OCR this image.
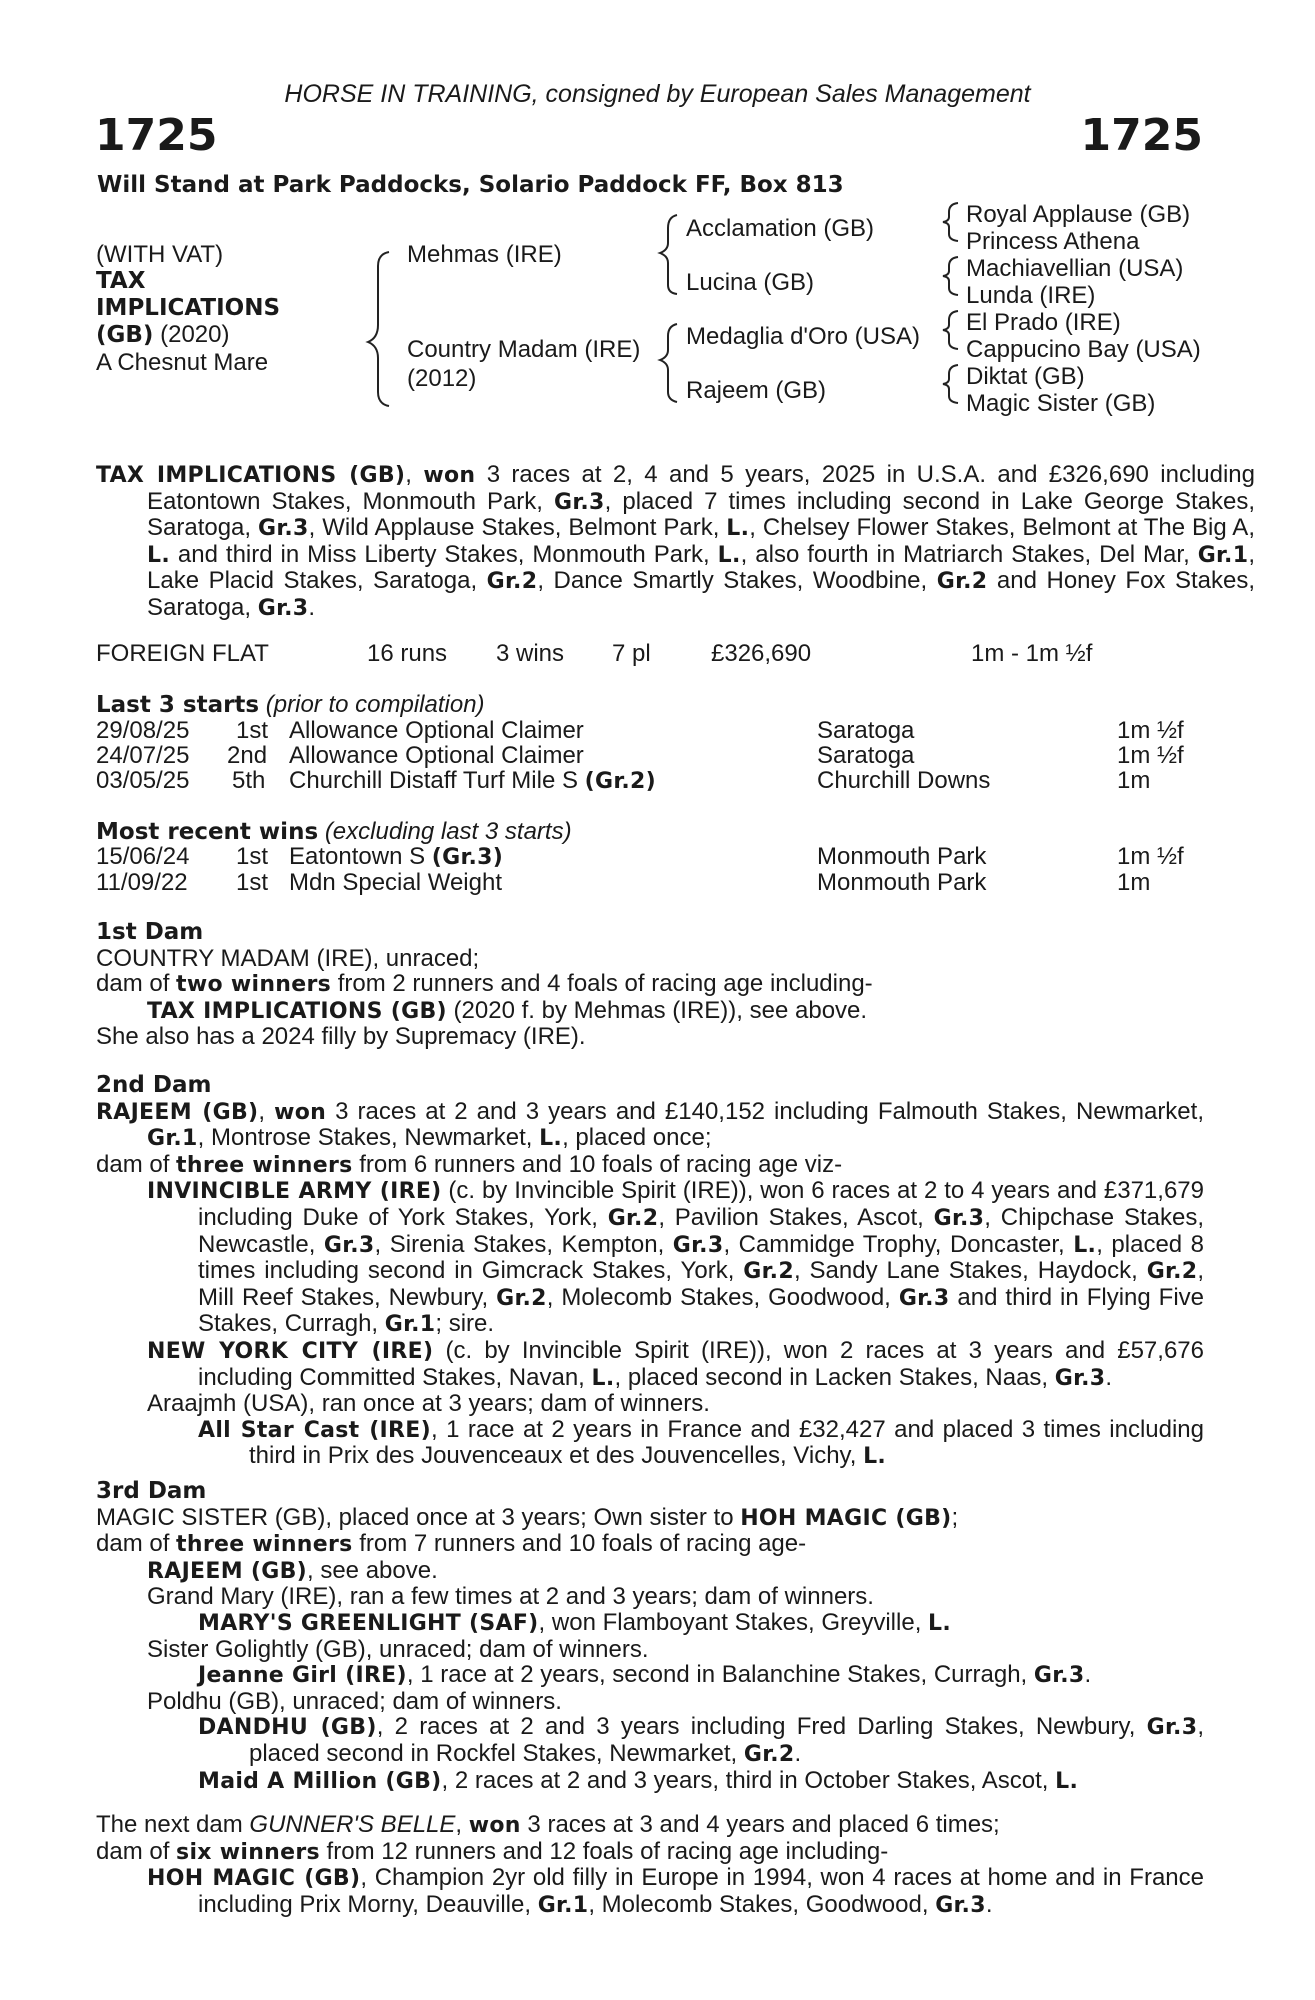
HORSE IN TRAINING, consigned by European Sales Management
1725	1725
Will Stand at Park Paddocks, Solario Paddock FF, Box 813
(WITH VAT)
TAX
IMPLICATIONS
(GB) (2020)
A Chesnut Mare
Mehmas (IRE)
Country Madam (IRE)
(2012)
Acclamation (GB)
Lucina (GB)
Medaglia d'Oro (USA)
Rajeem (GB)
Royal Applause (GB)
Princess Athena
Machiavellian (USA)
Lunda (IRE)
El Prado (IRE)
Cappucino Bay (USA)
Diktat (GB)
Magic Sister (GB)
TAX IMPLICATIONS (GB), won 3 races at 2, 4 and 5 years, 2025 in U.S.A. and £326,690 including Eatontown Stakes, Monmouth Park, Gr.3, placed 7 times including second in Lake George Stakes, Saratoga, Gr.3, Wild Applause Stakes, Belmont Park, L., Chelsey Flower Stakes, Belmont at The Big A, L. and third in Miss Liberty Stakes, Monmouth Park, L., also fourth in Matriarch Stakes, Del Mar, Gr.1, Lake Placid Stakes, Saratoga, Gr.2, Dance Smartly Stakes, Woodbine, Gr.2 and Honey Fox Stakes, Saratoga, Gr.3.
FOREIGN FLAT	16 runs 3 wins 7 pl	£326,690	1m - 1m ½f
Last 3 starts (prior to compilation)
29/08/25 1st Allowance Optional Claimer	Saratoga	1m ½f
24/07/25 2nd Allowance Optional Claimer	Saratoga	1m ½f
03/05/25 5th Churchill Distaff Turf Mile S (Gr.2)	Churchill Downs	1m
Most recent wins (excluding last 3 starts)
15/06/24 1st Eatontown S (Gr.3)	Monmouth Park	1m ½f
11/09/22 1st Mdn Special Weight	Monmouth Park	1m

1st Dam

COUNTRY MADAM (IRE), unraced;

dam of two winners from 2 runners and 4 foals of racing age including-

TAX IMPLICATIONS (GB) (2020 f. by Mehmas (IRE)), see above.

She also has a 2024 filly by Supremacy (IRE).

2nd Dam

RAJEEM (GB), won 3 races at 2 and 3 years and £140,152 including Falmouth Stakes, Newmarket, Gr.1, Montrose Stakes, Newmarket, L., placed once;

dam of three winners from 6 runners and 10 foals of racing age viz-

INVINCIBLE ARMY (IRE) (c. by Invincible Spirit (IRE)), won 6 races at 2 to 4 years and £371,679 including Duke of York Stakes, York, Gr.2, Pavilion Stakes, Ascot, Gr.3, Chipchase Stakes, Newcastle, Gr.3, Sirenia Stakes, Kempton, Gr.3, Cammidge Trophy, Doncaster, L., placed 8 times including second in Gimcrack Stakes, York, Gr.2, Sandy Lane Stakes, Haydock, Gr.2, Mill Reef Stakes, Newbury, Gr.2, Molecomb Stakes, Goodwood, Gr.3 and third in Flying Five Stakes, Curragh, Gr.1; sire.

NEW YORK CITY (IRE) (c. by Invincible Spirit (IRE)), won 2 races at 3 years and £57,676 including Committed Stakes, Navan, L., placed second in Lacken Stakes, Naas, Gr.3.

Araajmh (USA), ran once at 3 years; dam of winners.

All Star Cast (IRE), 1 race at 2 years in France and £32,427 and placed 3 times including third in Prix des Jouvenceaux et des Jouvencelles, Vichy, L.

3rd Dam

MAGIC SISTER (GB), placed once at 3 years; Own sister to HOH MAGIC (GB);

dam of three winners from 7 runners and 10 foals of racing age-

RAJEEM (GB), see above.

Grand Mary (IRE), ran a few times at 2 and 3 years; dam of winners.

MARY'S GREENLIGHT (SAF), won Flamboyant Stakes, Greyville, L.

Sister Golightly (GB), unraced; dam of winners.

Jeanne Girl (IRE), 1 race at 2 years, second in Balanchine Stakes, Curragh, Gr.3.

Poldhu (GB), unraced; dam of winners.

DANDHU (GB), 2 races at 2 and 3 years including Fred Darling Stakes, Newbury, Gr.3, placed second in Rockfel Stakes, Newmarket, Gr.2.

Maid A Million (GB), 2 races at 2 and 3 years, third in October Stakes, Ascot, L.

The next dam GUNNER'S BELLE, won 3 races at 3 and 4 years and placed 6 times;

dam of six winners from 12 runners and 12 foals of racing age including-

HOH MAGIC (GB), Champion 2yr old filly in Europe in 1994, won 4 races at home and in France including Prix Morny, Deauville, Gr.1, Molecomb Stakes, Goodwood, Gr.3.
